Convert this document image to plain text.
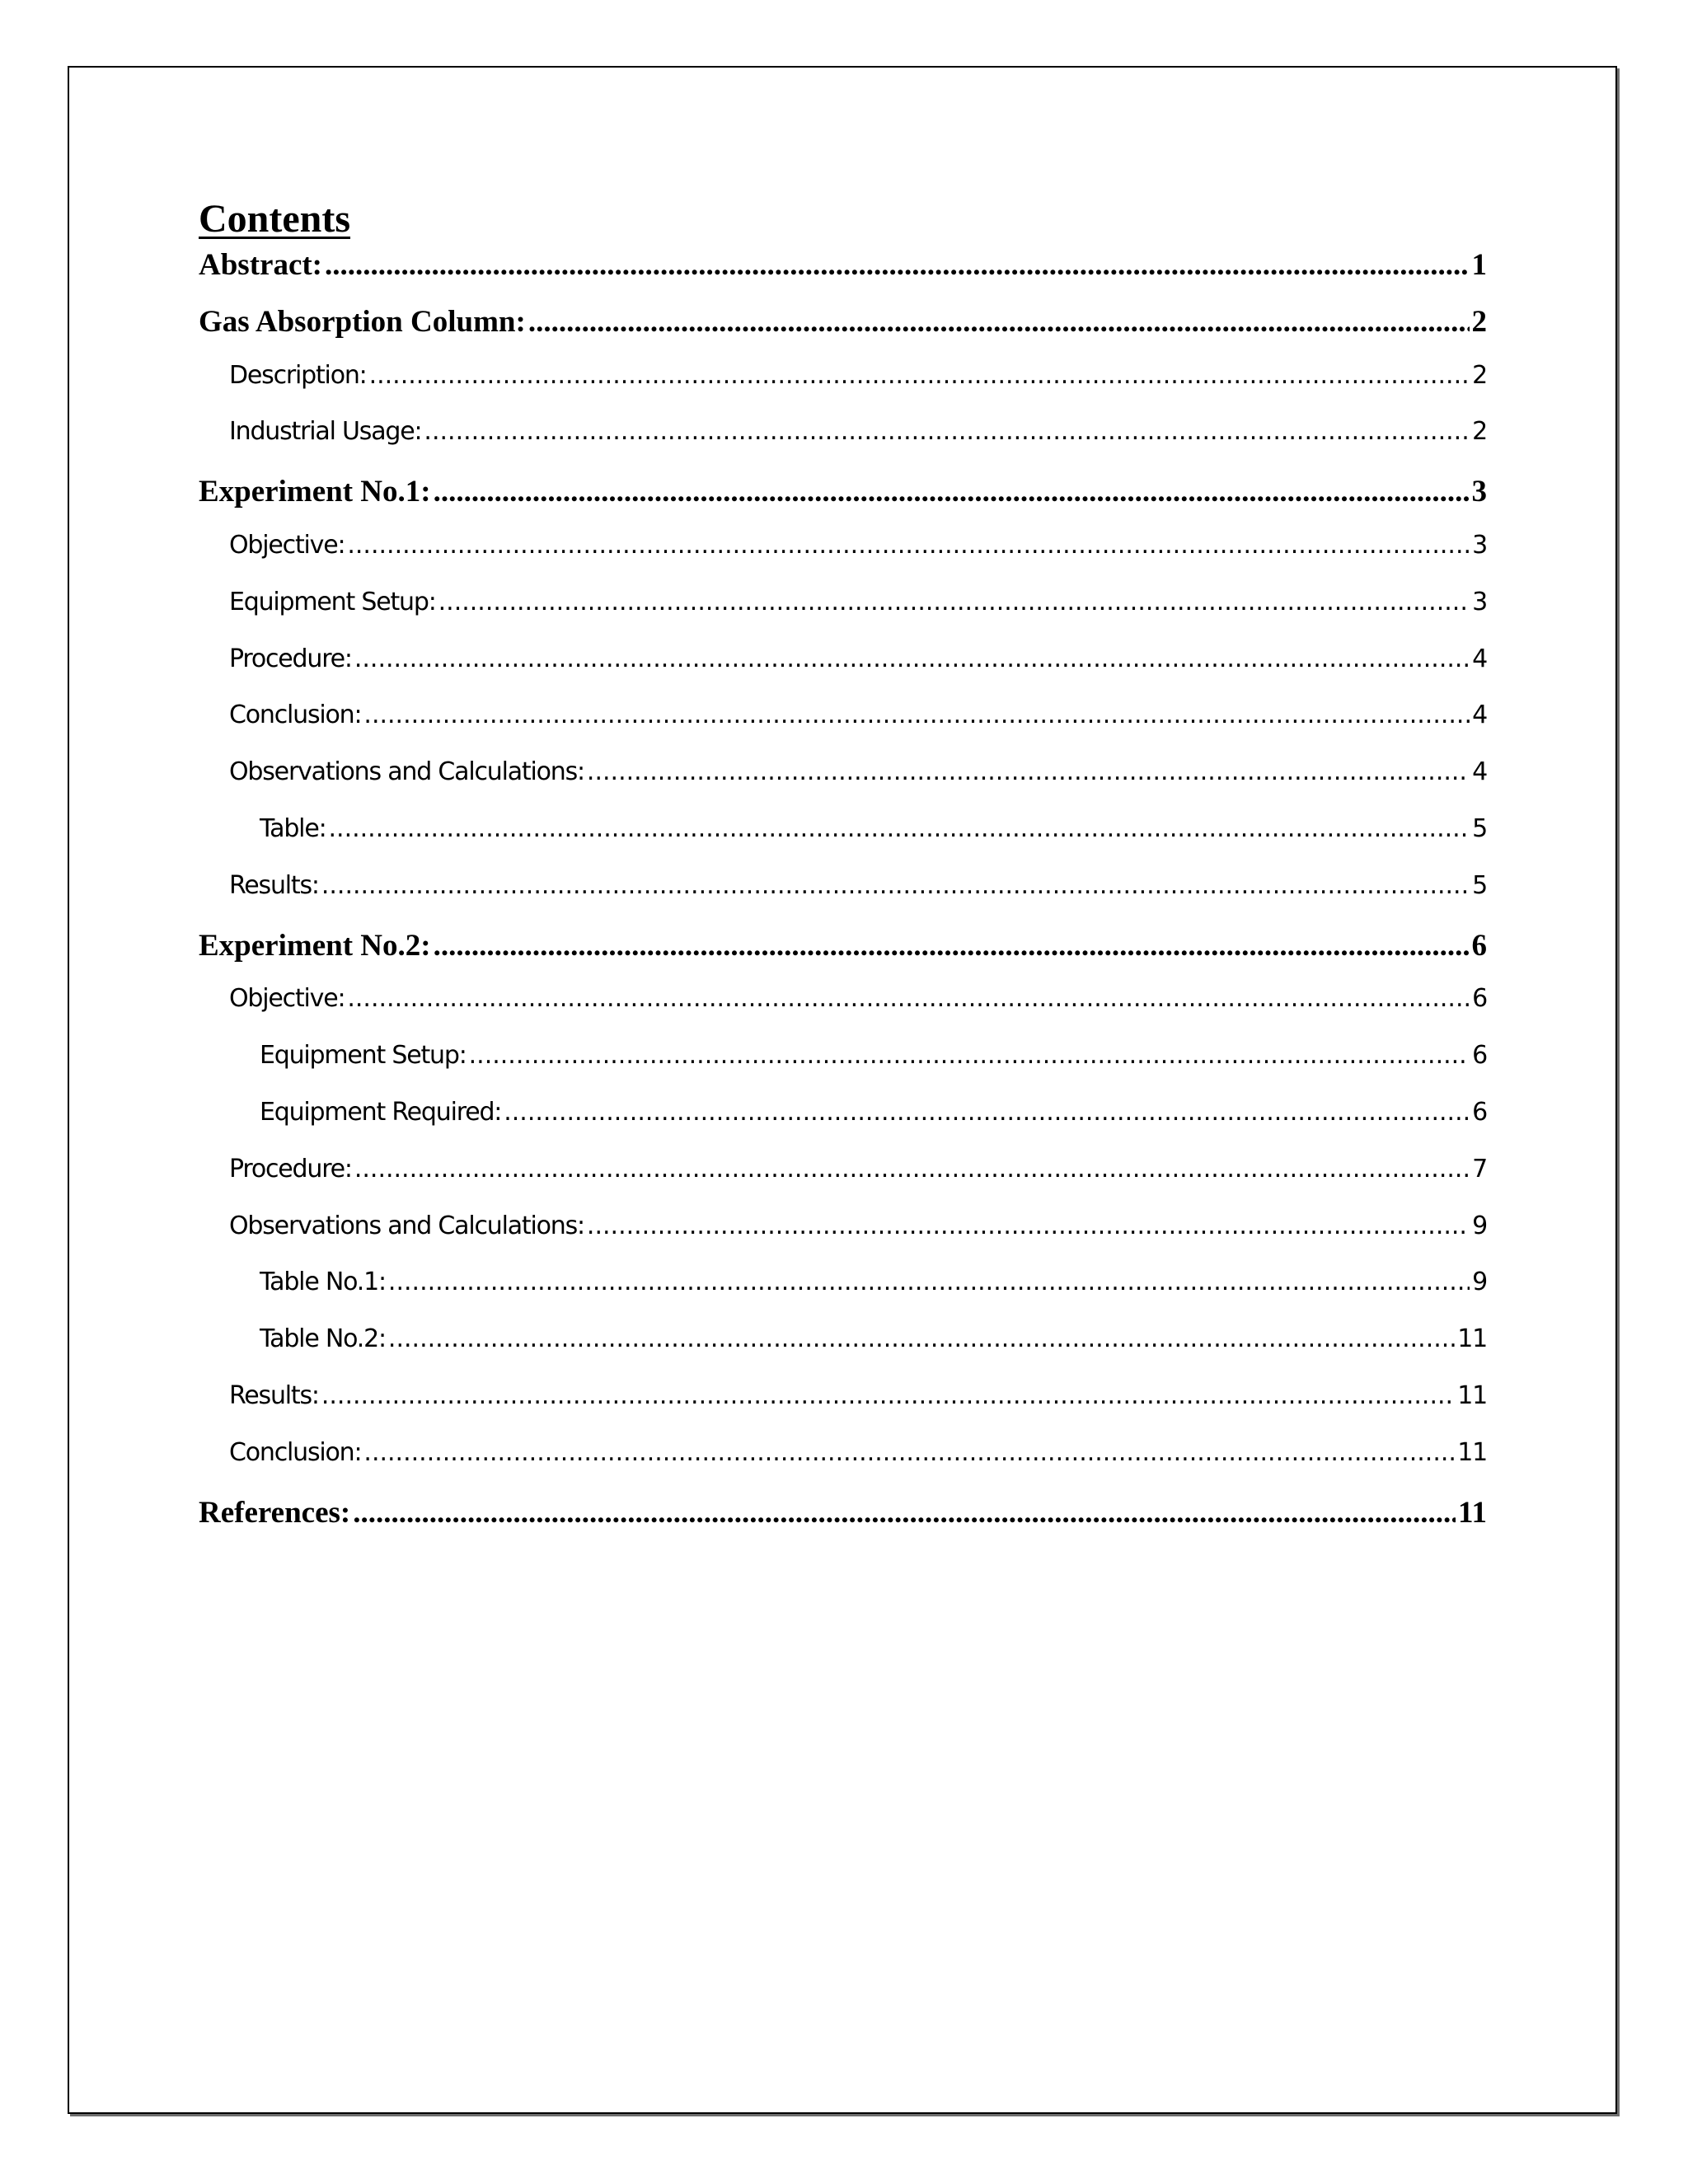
Contents
Abstract: .....	1
Gas Absorption Column: .....	2
Description: .....	2
Industrial Usage: .....	2
Experiment No.1: .....	3
Objective: .....	3
Equipment Setup: .....	3
Procedure: .....	4
Conclusion: .....	4
Observations and Calculations: .....	4
Table: .....	5
Results: .....	5
Experiment No.2: .....	6
Objective: .....	6
Equipment Setup: .....	6
Equipment Required: .....	6
Procedure: .....	7
Observations and Calculations: .....	9
Table No.1: .....	9
Table No.2: .....	11
Results: .....	11
Conclusion: .....	11
References: .....	11
